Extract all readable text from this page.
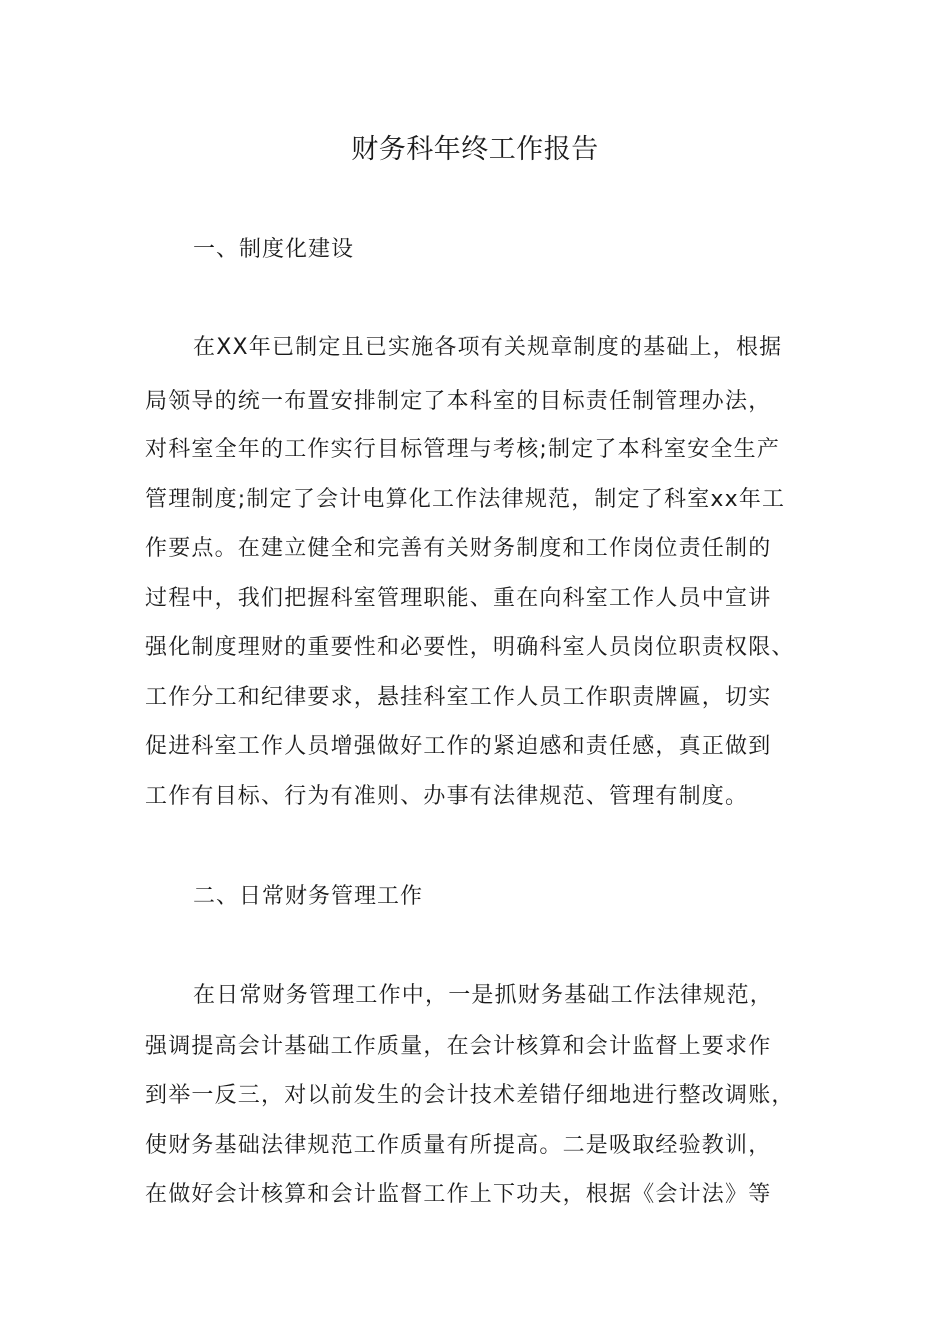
财务科年终工作报告
一、制度化建设
在XX年已制定且已实施各项有关规章制度的基础上，根据
局领导的统一布置安排制定了本科室的目标责任制管理办法，
对科室全年的工作实行目标管理与考核;制定了本科室安全生产
管理制度;制定了会计电算化工作法律规范，制定了科室xx年工
作要点。在建立健全和完善有关财务制度和工作岗位责任制的
过程中，我们把握科室管理职能、重在向科室工作人员中宣讲
强化制度理财的重要性和必要性，明确科室人员岗位职责权限、
工作分工和纪律要求，悬挂科室工作人员工作职责牌匾，切实
促进科室工作人员增强做好工作的紧迫感和责任感，真正做到
工作有目标、行为有准则、办事有法律规范、管理有制度。
二、日常财务管理工作
在日常财务管理工作中，一是抓财务基础工作法律规范，
强调提高会计基础工作质量，在会计核算和会计监督上要求作
到举一反三，对以前发生的会计技术差错仔细地进行整改调账，
使财务基础法律规范工作质量有所提高。二是吸取经验教训，
在做好会计核算和会计监督工作上下功夫，根据《会计法》等
